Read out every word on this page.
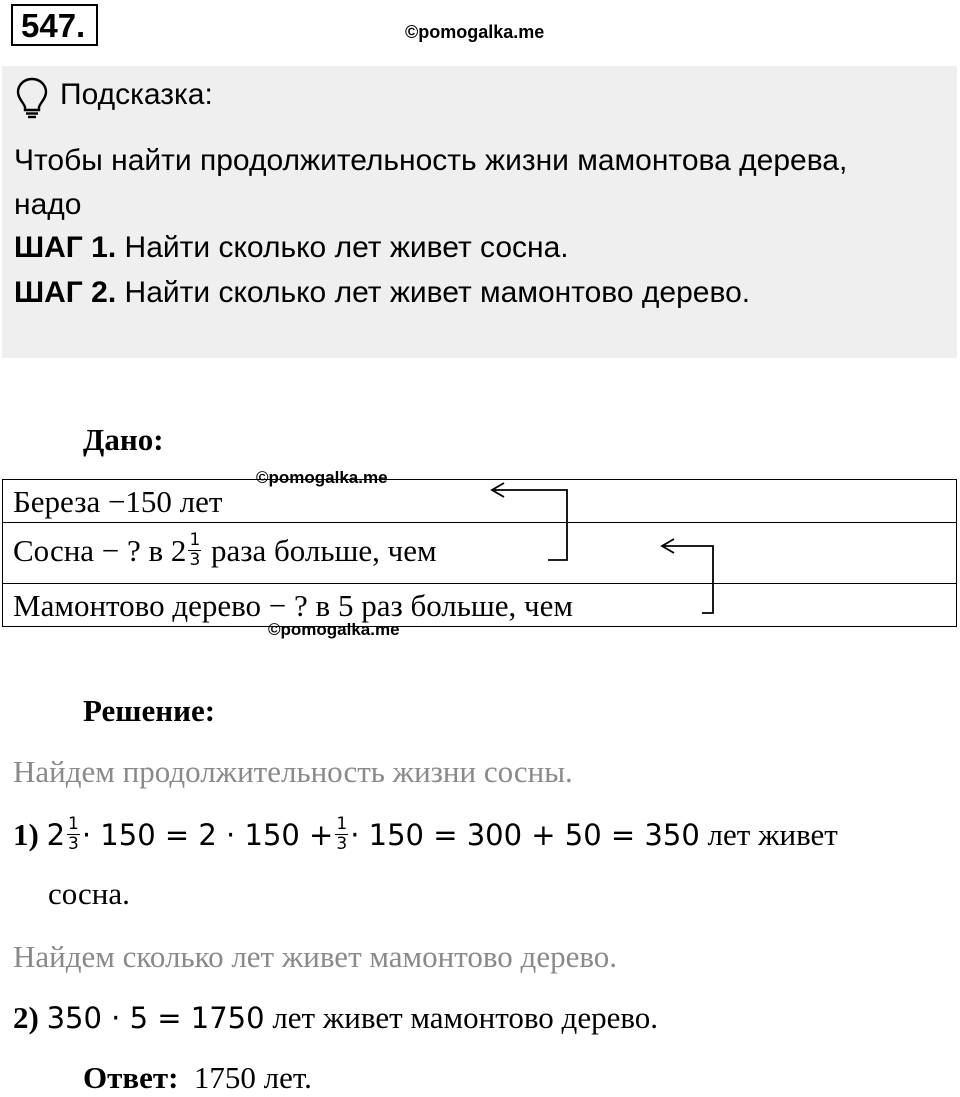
547.	©pomogalka.me
Подсказка:
Чтобы найти продолжительность жизни мамонтова дерева,
надо
ШАГ 1. Найти сколько лет живет сосна.
ШАГ 2. Найти сколько лет живет мамонтово дерево.
Дано:
©pomogalka.me
Береза −150 лет
Сосна − ? в $2 \frac{1}{3}$ раза больше, чем
Мамонтово дерево − ? в 5 раз больше, чем
©pomogalka.me
Решение:
Найдем продолжительность жизни сосны.
1) $2 \frac{1}{3} \cdot 150 = 2 \cdot 150 + \frac{1}{3} \cdot 150 = 300 + 50 = 350$ лет живет
сосна.
Найдем сколько лет живет мамонтово дерево.
2) 350 · 5 = 1750 лет живет мамонтово дерево.
Ответ: 1750 лет.
